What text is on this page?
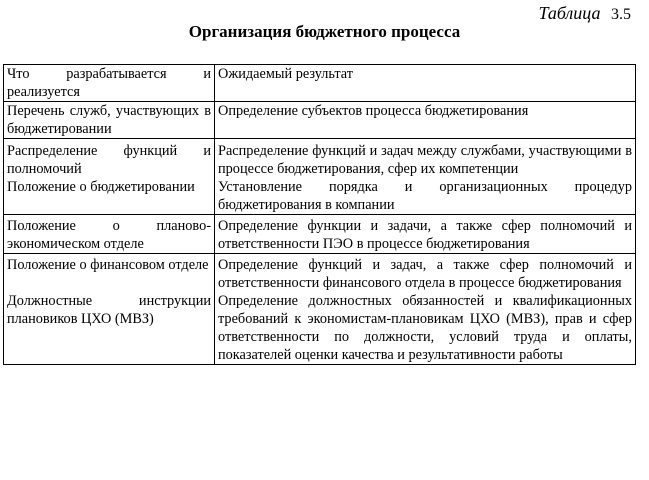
Таблица 3.5
Организация бюджетного процесса
Что разрабатывается и реализуется	Ожидаемый результат
Перечень служб, участвующих в бюджетировании	Определение субъектов процесса бюджетирования
Распределение функций и полномочий	Распределение функций и задач между службами, участвующими в процессе бюджетирования, сфер их компетенции
Положение о бюджетировании	Установление порядка и организационных процедур бюджетирования в компании
Положение о планово-экономическом отделе	Определение функции и задачи, а также сфер полномочий и ответственности ПЭО в процессе бюджетирования
Положение о финансовом отделе	Определение функций и задач, а также сфер полномочий и ответственности финансового отдела в процессе бюджетирования
Должностные инструкции плановиков ЦХО (МВЗ)	Определение должностных обязанностей и квалификационных требований к экономистам-плановикам ЦХО (МВЗ), прав и сфер ответственности по должности, условий труда и оплаты, показателей оценки качества и результативности работы
